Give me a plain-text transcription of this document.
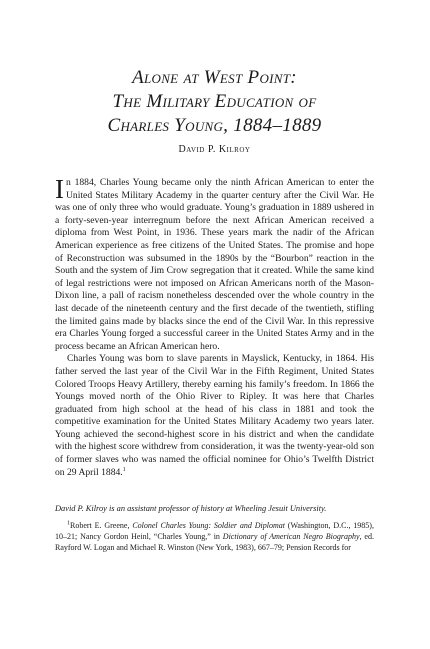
Alone at West Point:
The Military Education of
Charles Young, 1884–1889
David P. Kilroy

In 1884, Charles Young became only the ninth African American to enter the United States Military Academy in the quarter century after the Civil War. He was one of only three who would graduate. Young’s graduation in 1889 ushered in a forty-seven-year interregnum before the next African American received a diploma from West Point, in 1936. These years mark the nadir of the African American experience as free citizens of the United States. The promise and hope of Reconstruction was subsumed in the 1890s by the “Bourbon” reaction in the South and the system of Jim Crow segregation that it created. While the same kind of legal restrictions were not imposed on African Americans north of the Mason-Dixon line, a pall of racism nonetheless descended over the whole country in the last decade of the nineteenth century and the first decade of the twentieth, stifling the limited gains made by blacks since the end of the Civil War. In this repressive era Charles Young forged a successful career in the United States Army and in the process became an African American hero.

Charles Young was born to slave parents in Mayslick, Kentucky, in 1864. His father served the last year of the Civil War in the Fifth Regiment, United States Colored Troops Heavy Artillery, thereby earning his family’s freedom. In 1866 the Youngs moved north of the Ohio River to Ripley. It was here that Charles graduated from high school at the head of his class in 1881 and took the competitive examination for the United States Military Academy two years later. Young achieved the second-highest score in his district and when the candidate with the highest score withdrew from consideration, it was the twenty-year-old son of former slaves who was named the official nominee for Ohio’s Twelfth District on 29 April 1884.$^1$

David P. Kilroy is an assistant professor of history at Wheeling Jesuit University.

$^1$Robert E. Greene, Colonel Charles Young: Soldier and Diplomat (Washington, D.C., 1985), 10–21; Nancy Gordon Heinl, “Charles Young,” in Dictionary of American Negro Biography, ed. Rayford W. Logan and Michael R. Winston (New York, 1983), 667–79; Pension Records for
